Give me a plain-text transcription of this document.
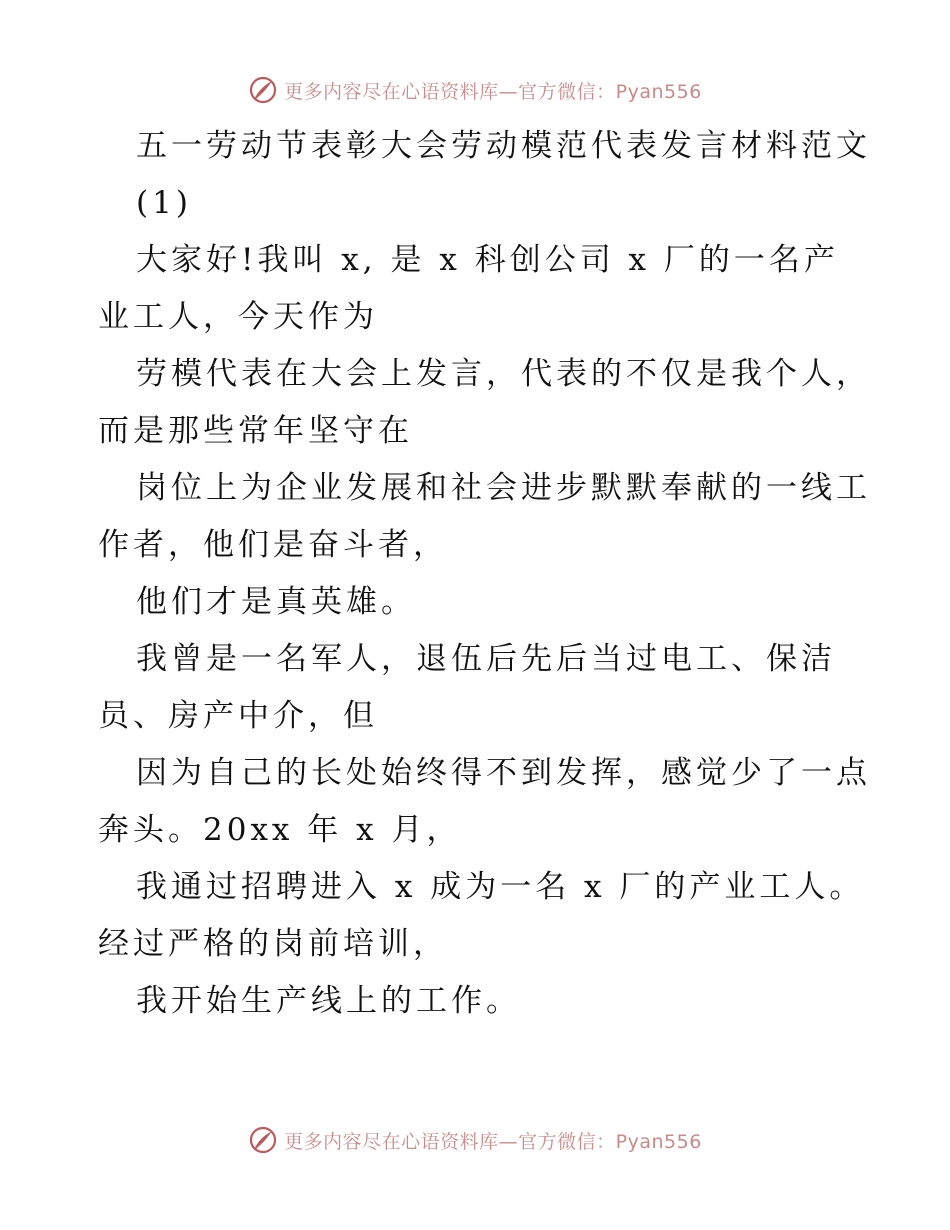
更多内容尽在心语资料库—官方微信：Pyan556

五一劳动节表彰大会劳动模范代表发言材料范文

(1)

大家好!我叫 x, 是 x 科创公司 x 厂的一名产

业工人，今天作为

劳模代表在大会上发言，代表的不仅是我个人，

而是那些常年坚守在

岗位上为企业发展和社会进步默默奉献的一线工

作者，他们是奋斗者，

他们才是真英雄。

我曾是一名军人，退伍后先后当过电工、保洁

员、房产中介，但

因为自己的长处始终得不到发挥，感觉少了一点

奔头。20xx 年 x 月，

我通过招聘进入 x 成为一名 x 厂的产业工人。

经过严格的岗前培训，

我开始生产线上的工作。

更多内容尽在心语资料库—官方微信：Pyan556
